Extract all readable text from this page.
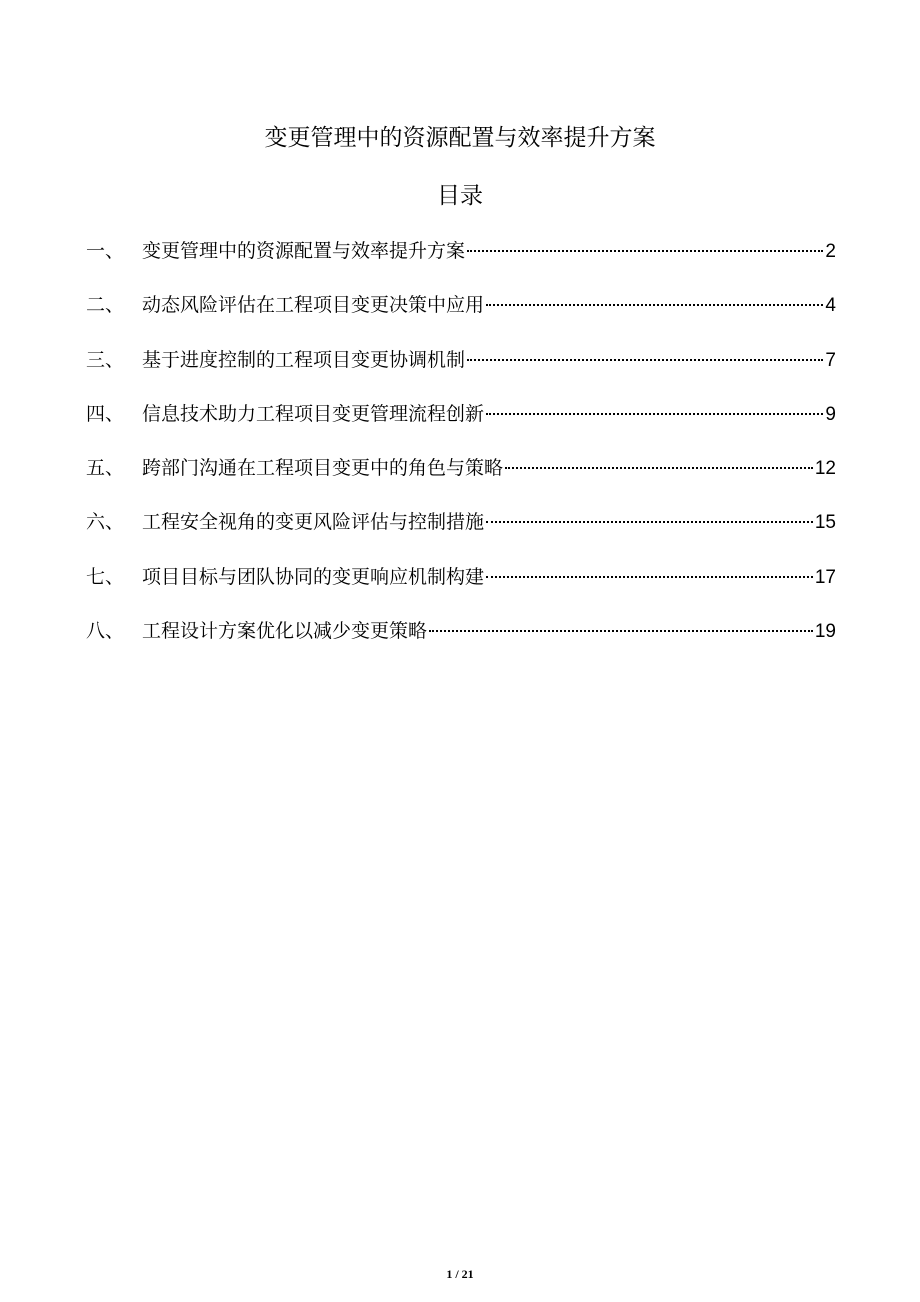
变更管理中的资源配置与效率提升方案
目录
一、 变更管理中的资源配置与效率提升方案	2
二、 动态风险评估在工程项目变更决策中应用	4
三、 基于进度控制的工程项目变更协调机制	7
四、 信息技术助力工程项目变更管理流程创新	9
五、 跨部门沟通在工程项目变更中的角色与策略	12
六、 工程安全视角的变更风险评估与控制措施	15
七、 项目目标与团队协同的变更响应机制构建	17
八、 工程设计方案优化以减少变更策略	19
1 / 21
